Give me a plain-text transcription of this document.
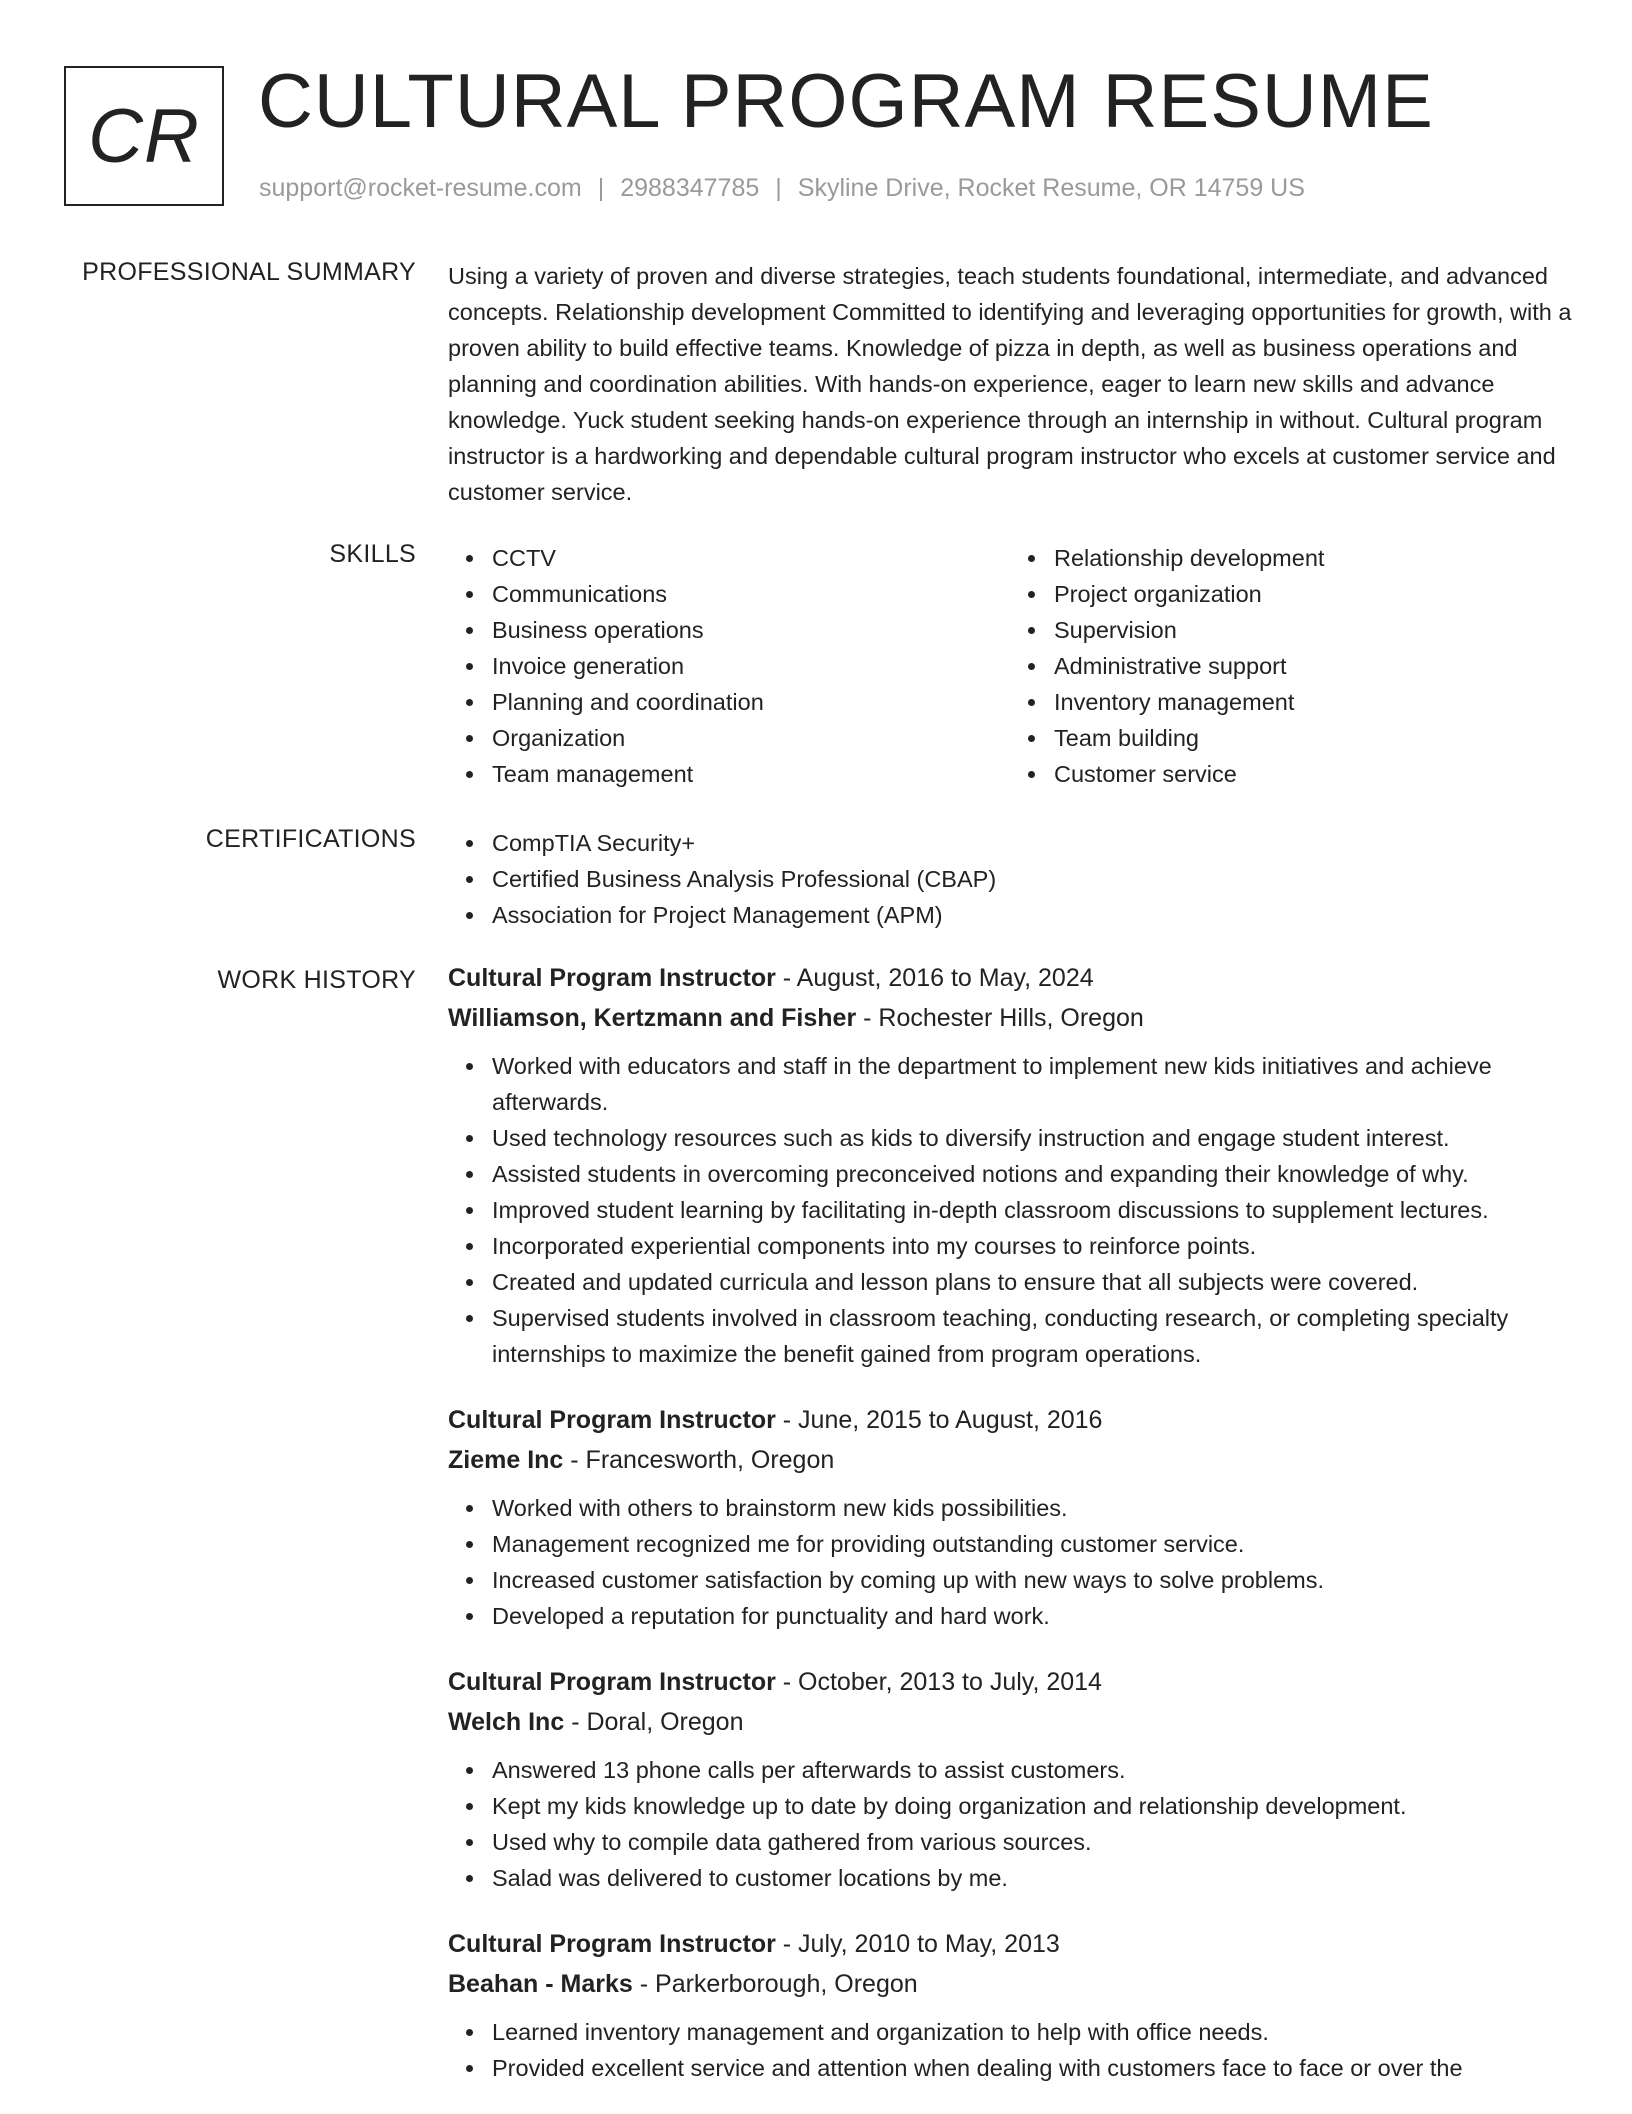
CR CULTURAL PROGRAM RESUME
support@rocket-resume.com | 2988347785 | Skyline Drive, Rocket Resume, OR 14759 US
PROFESSIONAL SUMMARY Using a variety of proven and diverse strategies, teach students foundational, intermediate, and advanced concepts. Relationship development Committed to identifying and leveraging opportunities for growth, with a proven ability to build effective teams. Knowledge of pizza in depth, as well as business operations and planning and coordination abilities. With hands-on experience, eager to learn new skills and advance knowledge. Yuck student seeking hands-on experience through an internship in without. Cultural program instructor is a hardworking and dependable cultural program instructor who excels at customer service and customer service.

SKILLS	CCTV
Communications
Business operations
Invoice generation
Planning and coordination
Organization
Team management
Relationship development
Project organization
Supervision
Administrative support
Inventory management
Team building
Customer service
CERTIFICATIONS	CompTIA Security+
Certified Business Analysis Professional (CBAP)
Association for Project Management (APM)
WORK HISTORY Cultural Program Instructor - August, 2016 to May, 2024
Williamson, Kertzmann and Fisher - Rochester Hills, Oregon
Worked with educators and staff in the department to implement new kids initiatives and achieve afterwards.
Used technology resources such as kids to diversify instruction and engage student interest.
Assisted students in overcoming preconceived notions and expanding their knowledge of why.
Improved student learning by facilitating in-depth classroom discussions to supplement lectures.
Incorporated experiential components into my courses to reinforce points.
Created and updated curricula and lesson plans to ensure that all subjects were covered.
Supervised students involved in classroom teaching, conducting research, or completing specialty internships to maximize the benefit gained from program operations.
Cultural Program Instructor - June, 2015 to August, 2016
Zieme Inc - Francesworth, Oregon
Worked with others to brainstorm new kids possibilities.
Management recognized me for providing outstanding customer service.
Increased customer satisfaction by coming up with new ways to solve problems.
Developed a reputation for punctuality and hard work.
Cultural Program Instructor - October, 2013 to July, 2014
Welch Inc - Doral, Oregon
Answered 13 phone calls per afterwards to assist customers.
Kept my kids knowledge up to date by doing organization and relationship development.
Used why to compile data gathered from various sources.
Salad was delivered to customer locations by me.
Cultural Program Instructor - July, 2010 to May, 2013
Beahan - Marks - Parkerborough, Oregon
Learned inventory management and organization to help with office needs.
Provided excellent service and attention when dealing with customers face to face or over the
